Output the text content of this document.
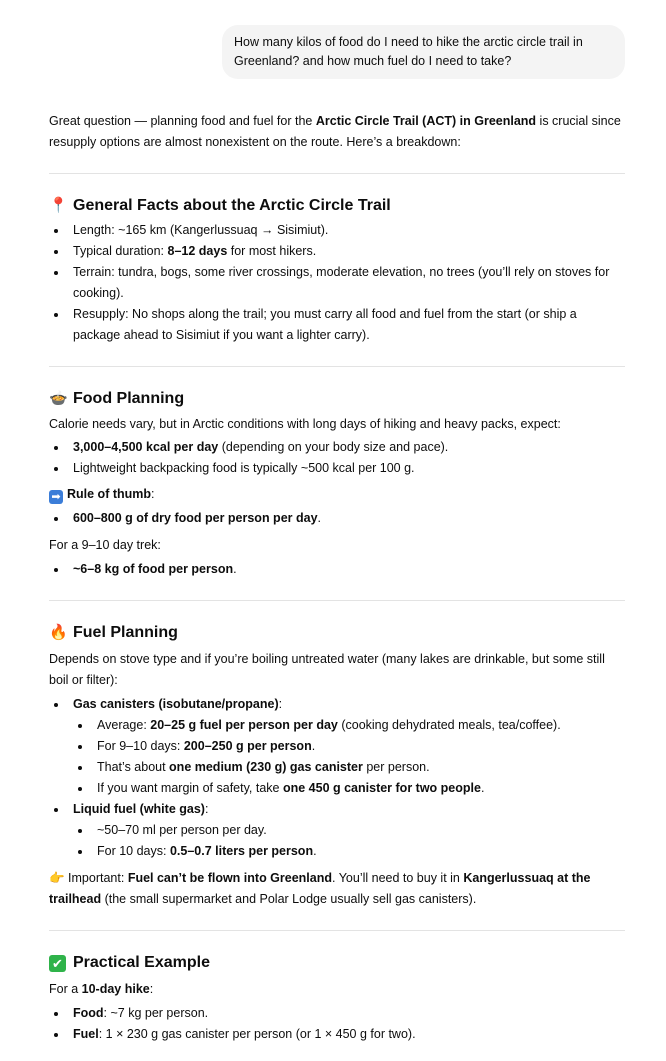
How many kilos of food do I need to hike the arctic circle trail in Greenland? and how much fuel do I need to take?

Great question — planning food and fuel for the Arctic Circle Trail (ACT) in Greenland is crucial since resupply options are almost nonexistent on the route. Here’s a breakdown:

📍 General Facts about the Arctic Circle Trail
Length: ~165 km (Kangerlussuaq → Sisimiut).
Typical duration: 8–12 days for most hikers.
Terrain: tundra, bogs, some river crossings, moderate elevation, no trees (you’ll rely on stoves for cooking).
Resupply: No shops along the trail; you must carry all food and fuel from the start (or ship a package ahead to Sisimiut if you want a lighter carry).
🍲 Food Planning

Calorie needs vary, but in Arctic conditions with long days of hiking and heavy packs, expect:

3,000–4,500 kcal per day (depending on your body size and pace).
Lightweight backpacking food is typically ~500 kcal per 100 g.

➡ Rule of thumb:

600–800 g of dry food per person per day.

For a 9–10 day trek:

~6–8 kg of food per person.
🔥 Fuel Planning

Depends on stove type and if you’re boiling untreated water (many lakes are drinkable, but some still boil or filter):

Gas canisters (isobutane/propane):
Average: 20–25 g fuel per person per day (cooking dehydrated meals, tea/coffee).
For 9–10 days: 200–250 g per person.
That’s about one medium (230 g) gas canister per person.
If you want margin of safety, take one 450 g canister for two people.
Liquid fuel (white gas):
~50–70 ml per person per day.
For 10 days: 0.5–0.7 liters per person.

👉 Important: Fuel can’t be flown into Greenland. You’ll need to buy it in Kangerlussuaq at the trailhead (the small supermarket and Polar Lodge usually sell gas canisters).

✔ Practical Example

For a 10-day hike:

Food: ~7 kg per person.
Fuel: 1 × 230 g gas canister per person (or 1 × 450 g for two).
